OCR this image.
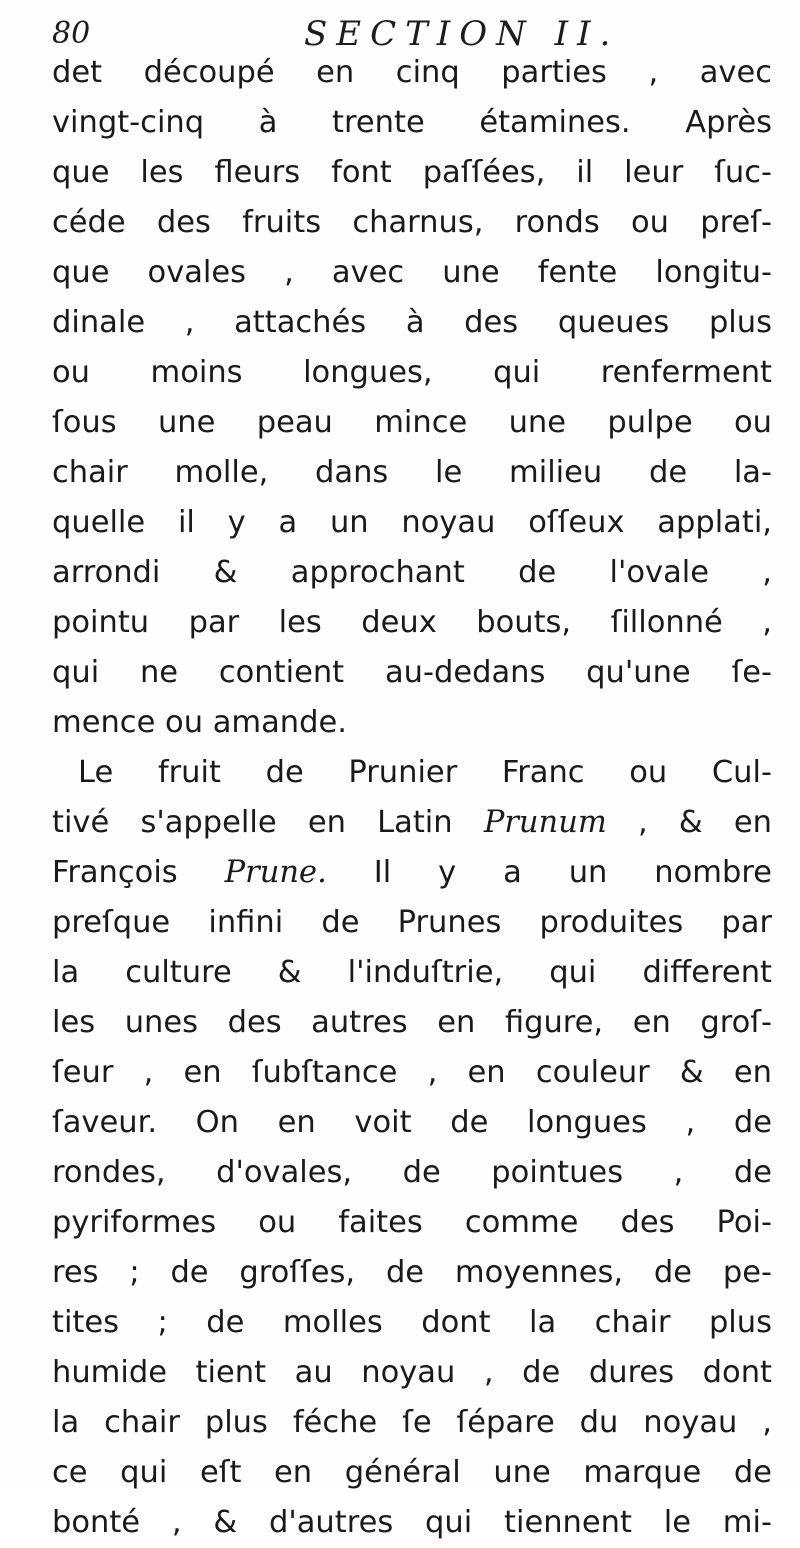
80	SECTION II.
det découpé en cinq parties , avec
vingt-cinq à trente étamines. Après
que les fleurs font paſſées, il leur ſuc-
céde des fruits charnus, ronds ou preſ-
que ovales , avec une fente longitu-
dinale , attachés à des queues plus
ou moins longues, qui renferment
ſous une peau mince une pulpe ou
chair molle, dans le milieu de la-
quelle il y a un noyau oſſeux applati,
arrondi & approchant de l'ovale ,
pointu par les deux bouts, ſillonné ,
qui ne contient au-dedans qu'une ſe-
mence ou amande.
Le fruit de Prunier Franc ou Cul-
tivé s'appelle en Latin Prunum , & en
François Prune. Il y a un nombre
preſque infini de Prunes produites par
la culture & l'induſtrie, qui different
les unes des autres en figure, en groſ-
ſeur , en ſubſtance , en couleur & en
ſaveur. On en voit de longues , de
rondes, d'ovales, de pointues , de
pyriformes ou faites comme des Poi-
res ; de groſſes, de moyennes, de pe-
tites ; de molles dont la chair plus
humide tient au noyau , de dures dont
la chair plus féche ſe ſépare du noyau ,
ce qui eſt en général une marque de
bonté , & d'autres qui tiennent le mi-
